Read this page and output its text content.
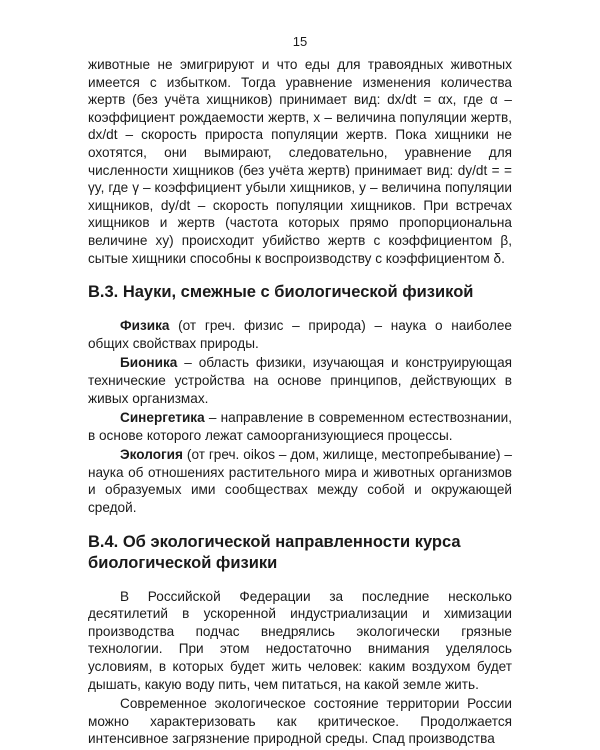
15

животные не эмигрируют и что еды для травоядных животных имеется с избытком. Тогда уравнение изменения количества жертв (без учёта хищников) принимает вид: dx/dt = αx, где α – коэффициент рождаемости жертв, x – величина популяции жертв, dx/dt – скорость прироста популяции жертв. Пока хищники не охотятся, они вымирают, следовательно, уравнение для численности хищников (без учёта жертв) принимает вид: dy/dt = = γy, где γ – коэффициент убыли хищников, y – величина популяции хищников, dy/dt – скорость популяции хищников. При встречах хищников и жертв (частота которых прямо пропорциональна величине xy) происходит убийство жертв с коэффициентом β, сытые хищники способны к воспроизводству с коэффициентом δ.

В.3. Науки, смежные с биологической физикой

Физика (от греч. физис – природа) – наука о наиболее общих свойствах природы.

Бионика – область физики, изучающая и конструирующая технические устройства на основе принципов, действующих в живых организмах.

Синергетика – направление в современном естествознании, в основе которого лежат самоорганизующиеся процессы.

Экология (от греч. oikos – дом, жилище, местопребывание) – наука об отношениях растительного мира и животных организмов и образуемых ими сообществах между собой и окружающей средой.

В.4. Об экологической направленности курса биологической физики

В Российской Федерации за последние несколько десятилетий в ускоренной индустриализации и химизации производства подчас внедрялись экологически грязные технологии. При этом недостаточно внимания уделялось условиям, в которых будет жить человек: каким воздухом будет дышать, какую воду пить, чем питаться, на какой земле жить.

Современное экологическое состояние территории России можно характеризовать как критическое. Продолжается интенсивное загрязнение природной среды. Спад производства
